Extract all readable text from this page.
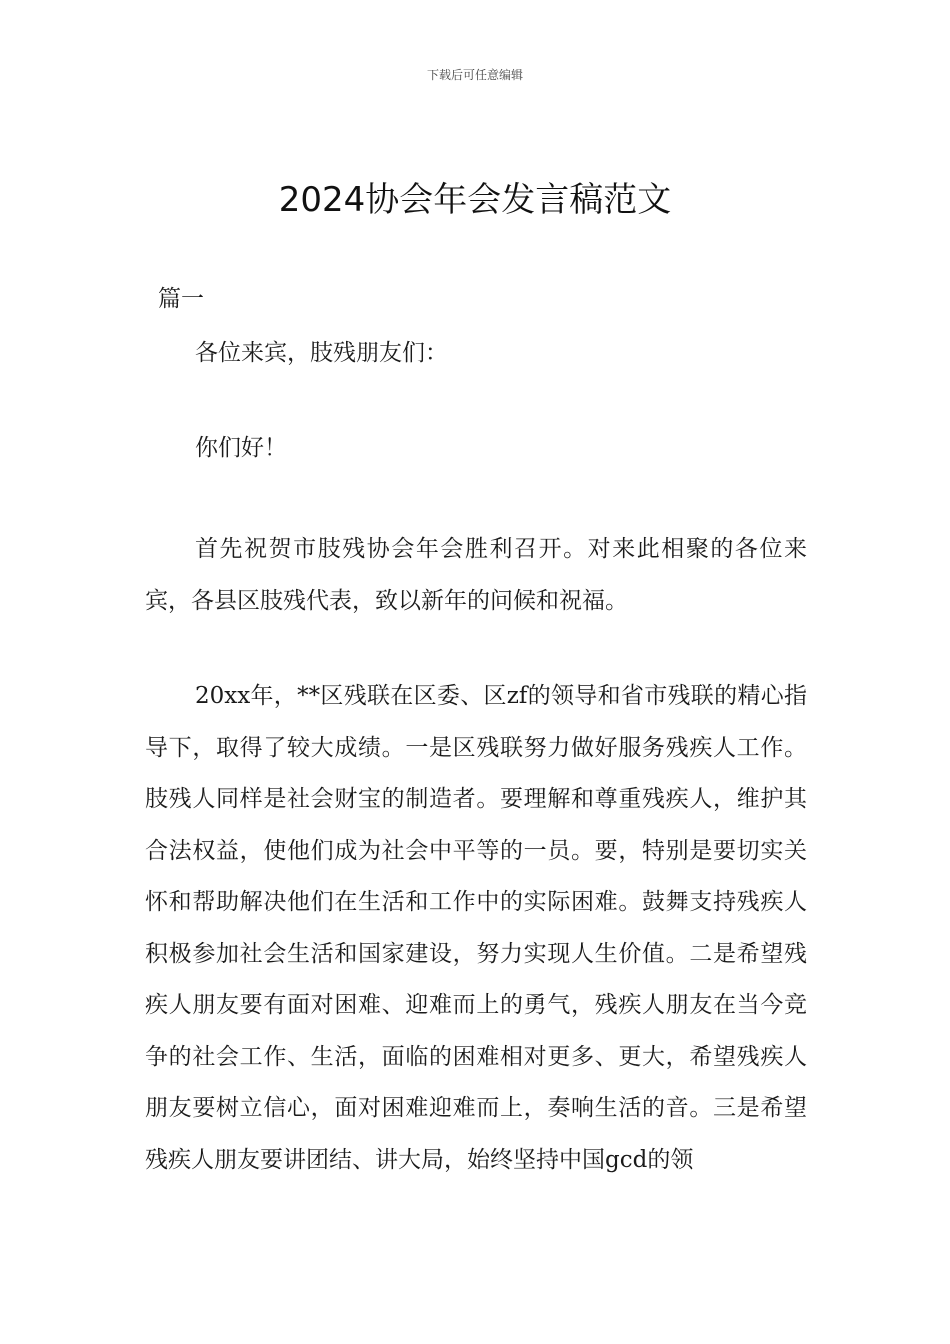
下载后可任意编辑
2024协会年会发言稿范文
篇一

各位来宾，肢残朋友们：

你们好！

首先祝贺市肢残协会年会胜利召开。对来此相聚的各位来宾，各县区肢残代表，致以新年的问候和祝福。

20xx年，**区残联在区委、区zf的领导和省市残联的精心指导下，取得了较大成绩。一是区残联努力做好服务残疾人工作。肢残人同样是社会财宝的制造者。要理解和尊重残疾人，维护其合法权益，使他们成为社会中平等的一员。要，特别是要切实关怀和帮助解决他们在生活和工作中的实际困难。鼓舞支持残疾人积极参加社会生活和国家建设，努力实现人生价值。二是希望残疾人朋友要有面对困难、迎难而上的勇气，残疾人朋友在当今竞争的社会工作、生活，面临的困难相对更多、更大，希望残疾人朋友要树立信心，面对困难迎难而上，奏响生活的音。三是希望残疾人朋友要讲团结、讲大局，始终坚持中国gcd的领
